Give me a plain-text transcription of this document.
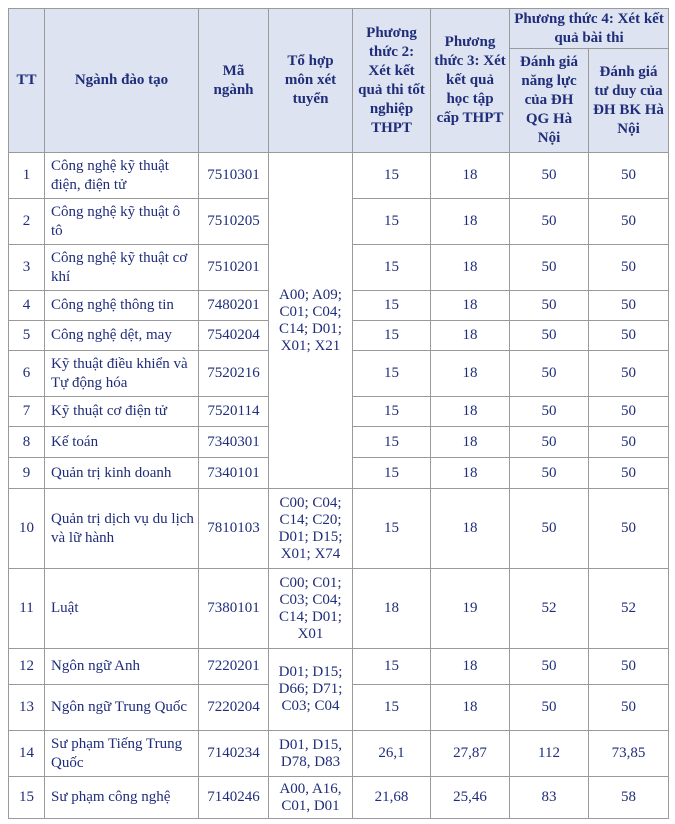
TT	Ngành đào tạo	Mã ngành	Tổ hợp môn xét tuyển	Phương thức 2: Xét kết quả thi tốt nghiệp THPT	Phương thức 3: Xét kết quả học tập cấp THPT	Phương thức 4: Xét kết quả bài thi	
						Đánh giá năng lực của ĐH QG Hà Nội	Đánh giá tư duy của ĐH BK Hà Nội
1	Công nghệ kỹ thuật điện, điện tử	7510301	A00; A09; C01; C04; C14; D01; X01; X21	15	18	50	50
2	Công nghệ kỹ thuật ô tô	7510205		15	18	50	50
3	Công nghệ kỹ thuật cơ khí	7510201		15	18	50	50
4	Công nghệ thông tin	7480201		15	18	50	50
5	Công nghệ dệt, may	7540204		15	18	50	50
6	Kỹ thuật điều khiển và Tự động hóa	7520216		15	18	50	50
7	Kỹ thuật cơ điện tử	7520114		15	18	50	50
8	Kế toán	7340301		15	18	50	50
9	Quản trị kinh doanh	7340101		15	18	50	50
10	Quản trị dịch vụ du lịch và lữ hành	7810103	C00; C04; C14; C20; D01; D15; X01; X74	15	18	50	50
11	Luật	7380101	C00; C01; C03; C04; C14; D01; X01	18	19	52	52
12	Ngôn ngữ Anh	7220201	D01; D15; D66; D71; C03; C04	15	18	50	50
13	Ngôn ngữ Trung Quốc	7220204		15	18	50	50
14	Sư phạm Tiếng Trung Quốc	7140234	D01, D15, D78, D83	26,1	27,87	112	73,85
15	Sư phạm công nghệ	7140246	A00, A16, C01, D01	21,68	25,46	83	58
